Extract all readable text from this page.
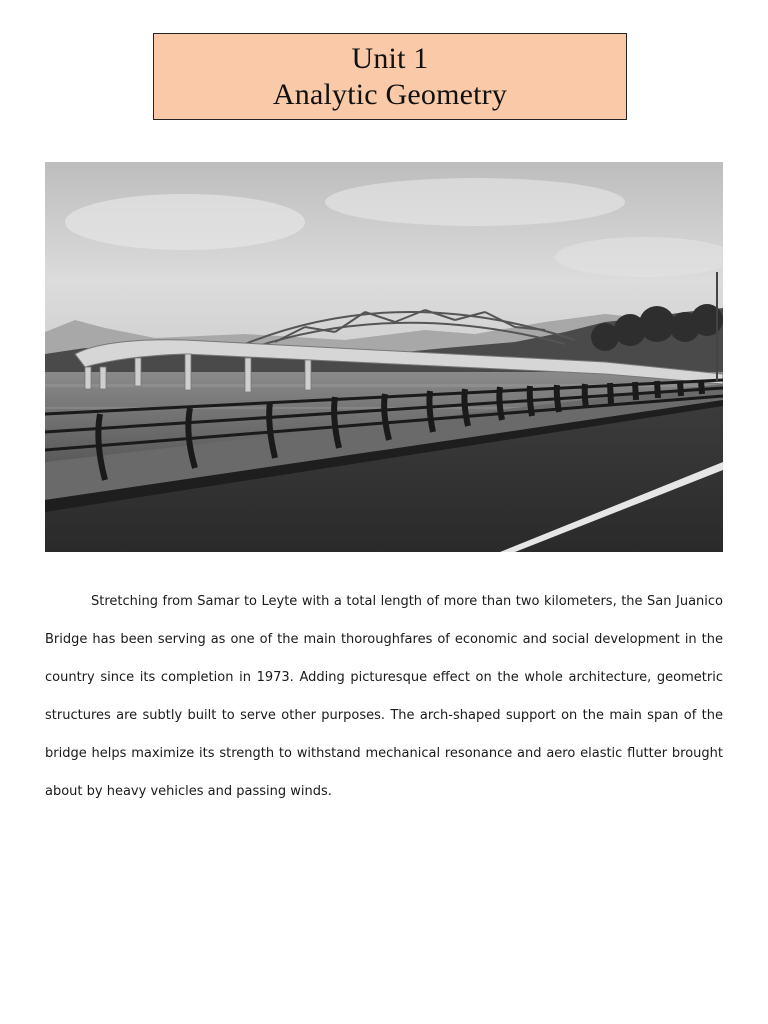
Unit 1
Analytic Geometry

Stretching from Samar to Leyte with a total length of more than two kilometers, the San Juanico Bridge has been serving as one of the main thoroughfares of economic and social development in the country since its completion in 1973. Adding picturesque effect on the whole architecture, geometric structures are subtly built to serve other purposes. The arch-shaped support on the main span of the bridge helps maximize its strength to withstand mechanical resonance and aero elastic flutter brought about by heavy vehicles and passing winds.
